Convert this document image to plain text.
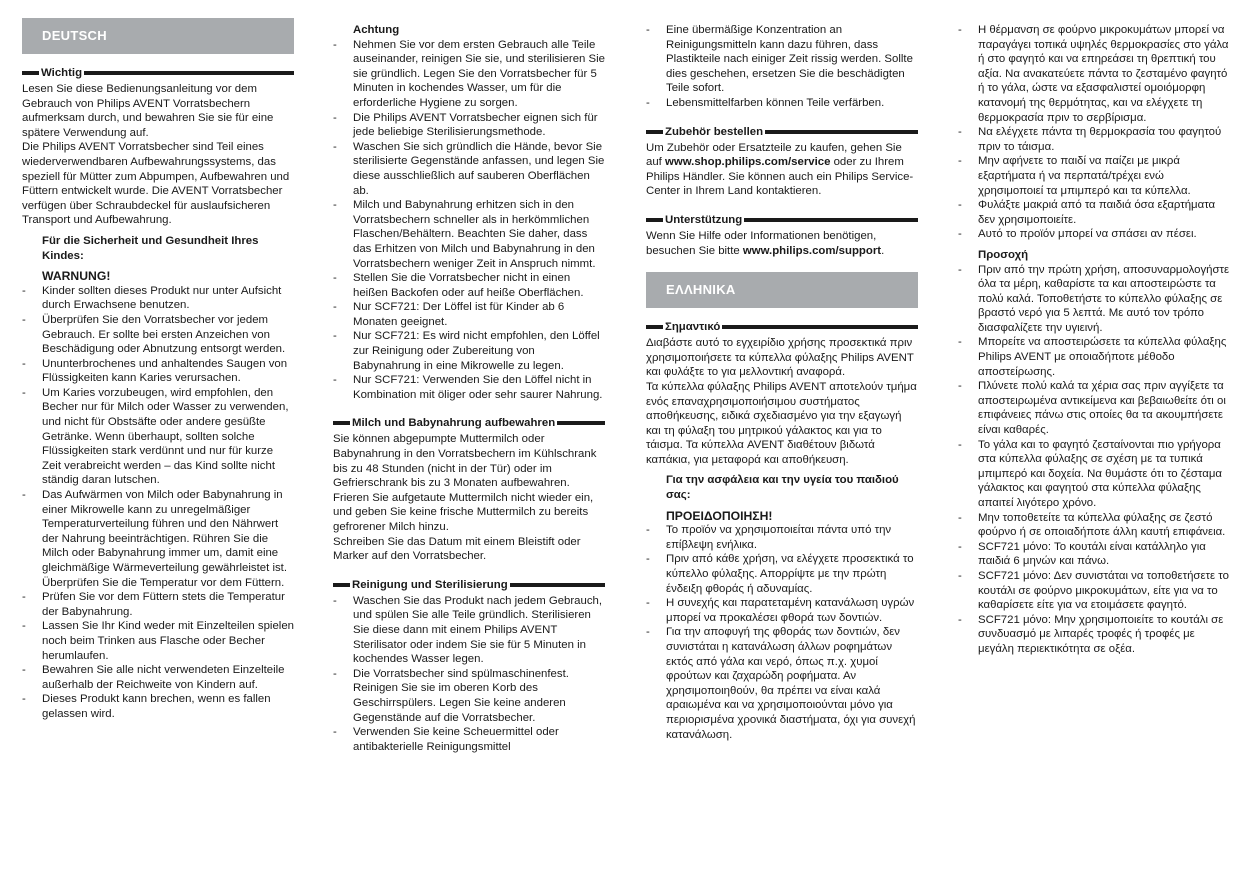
DEUTSCH
Wichtig

Lesen Sie diese Bedienungsanleitung vor dem Gebrauch von Philips AVENT Vorratsbechern aufmerksam durch, und bewahren Sie sie für eine spätere Verwendung auf.

Die Philips AVENT Vorratsbecher sind Teil eines wiederverwendbaren Aufbewahrungssystems, das speziell für Mütter zum Abpumpen, Aufbewahren und Füttern entwickelt wurde. Die AVENT Vorratsbecher verfügen über Schraubdeckel für auslaufsicheren Transport und Aufbewahrung.

Für die Sicherheit und Gesundheit Ihres Kindes:

WARNUNG!

- Kinder sollten dieses Produkt nur unter Aufsicht durch Erwachsene benutzen.
- Überprüfen Sie den Vorratsbecher vor jedem Gebrauch. Er sollte bei ersten Anzeichen von Beschädigung oder Abnutzung entsorgt werden.
- Ununterbrochenes und anhaltendes Saugen von Flüssigkeiten kann Karies verursachen.
- Um Karies vorzubeugen, wird empfohlen, den Becher nur für Milch oder Wasser zu verwenden, und nicht für Obstsäfte oder andere gesüßte Getränke. Wenn überhaupt, sollten solche Flüssigkeiten stark verdünnt und nur für kurze Zeit verabreicht werden – das Kind sollte nicht ständig daran lutschen.
- Das Aufwärmen von Milch oder Babynahrung in einer Mikrowelle kann zu unregelmäßiger Temperaturverteilung führen und den Nährwert der Nahrung beeinträchtigen. Rühren Sie die Milch oder Babynahrung immer um, damit eine gleichmäßige Wärmeverteilung gewährleistet ist. Überprüfen Sie die Temperatur vor dem Füttern.
- Prüfen Sie vor dem Füttern stets die Temperatur der Babynahrung.
- Lassen Sie Ihr Kind weder mit Einzelteilen spielen noch beim Trinken aus Flasche oder Becher herumlaufen.
- Bewahren Sie alle nicht verwendeten Einzelteile außerhalb der Reichweite von Kindern auf.
- Dieses Produkt kann brechen, wenn es fallen gelassen wird.

Achtung

- Nehmen Sie vor dem ersten Gebrauch alle Teile auseinander, reinigen Sie sie, und sterilisieren Sie sie gründlich. Legen Sie den Vorratsbecher für 5 Minuten in kochendes Wasser, um für die erforderliche Hygiene zu sorgen.
- Die Philips AVENT Vorratsbecher eignen sich für jede beliebige Sterilisierungsmethode.
- Waschen Sie sich gründlich die Hände, bevor Sie sterilisierte Gegenstände anfassen, und legen Sie diese ausschließlich auf sauberen Oberflächen ab.
- Milch und Babynahrung erhitzen sich in den Vorratsbechern schneller als in herkömmlichen Flaschen/Behältern. Beachten Sie daher, dass das Erhitzen von Milch und Babynahrung in den Vorratsbechern weniger Zeit in Anspruch nimmt.
- Stellen Sie die Vorratsbecher nicht in einen heißen Backofen oder auf heiße Oberflächen.
- Nur SCF721: Der Löffel ist für Kinder ab 6 Monaten geeignet.
- Nur SCF721: Es wird nicht empfohlen, den Löffel zur Reinigung oder Zubereitung von Babynahrung in eine Mikrowelle zu legen.
- Nur SCF721: Verwenden Sie den Löffel nicht in Kombination mit öliger oder sehr saurer Nahrung.
Milch und Babynahrung aufbewahren

Sie können abgepumpte Muttermilch oder Babynahrung in den Vorratsbechern im Kühlschrank bis zu 48 Stunden (nicht in der Tür) oder im Gefrierschrank bis zu 3 Monaten aufbewahren. Frieren Sie aufgetaute Muttermilch nicht wieder ein, und geben Sie keine frische Muttermilch zu bereits gefrorener Milch hinzu.

Schreiben Sie das Datum mit einem Bleistift oder Marker auf den Vorratsbecher.

Reinigung und Sterilisierung
- Waschen Sie das Produkt nach jedem Gebrauch, und spülen Sie alle Teile gründlich. Sterilisieren Sie diese dann mit einem Philips AVENT Sterilisator oder indem Sie sie für 5 Minuten in kochendes Wasser legen.
- Die Vorratsbecher sind spülmaschinenfest. Reinigen Sie sie im oberen Korb des Geschirrspülers. Legen Sie keine anderen Gegenstände auf die Vorratsbecher.
- Verwenden Sie keine Scheuermittel oder antibakterielle Reinigungsmittel
- Eine übermäßige Konzentration an Reinigungsmitteln kann dazu führen, dass Plastikteile nach einiger Zeit rissig werden. Sollte dies geschehen, ersetzen Sie die beschädigten Teile sofort.
- Lebensmittelfarben können Teile verfärben.
Zubehör bestellen

Um Zubehör oder Ersatzteile zu kaufen, gehen Sie auf www.shop.philips.com/service oder zu Ihrem Philips Händler. Sie können auch ein Philips Service-Center in Ihrem Land kontaktieren.

Unterstützung

Wenn Sie Hilfe oder Informationen benötigen, besuchen Sie bitte www.philips.com/support.

ΕΛΛΗΝΙΚΑ
Σημαντικό

Διαβάστε αυτό το εγχειρίδιο χρήσης προσεκτικά πριν χρησιμοποιήσετε τα κύπελλα φύλαξης Philips AVENT και φυλάξτε το για μελλοντική αναφορά.

Τα κύπελλα φύλαξης Philips AVENT αποτελούν τμήμα ενός επαναχρησιμοποιήσιμου συστήματος αποθήκευσης, ειδικά σχεδιασμένο για την εξαγωγή και τη φύλαξη του μητρικού γάλακτος και για το τάισμα. Τα κύπελλα AVENT διαθέτουν βιδωτά καπάκια, για μεταφορά και αποθήκευση.

Για την ασφάλεια και την υγεία του παιδιού σας:

ΠΡΟΕΙΔΟΠΟΙΗΣΗ!

- Το προϊόν να χρησιμοποιείται πάντα υπό την επίβλεψη ενήλικα.
- Πριν από κάθε χρήση, να ελέγχετε προσεκτικά το κύπελλο φύλαξης. Απορρίψτε με την πρώτη ένδειξη φθοράς ή αδυναμίας.
- Η συνεχής και παρατεταμένη κατανάλωση υγρών μπορεί να προκαλέσει φθορά των δοντιών.
- Για την αποφυγή της φθοράς των δοντιών, δεν συνιστάται η κατανάλωση άλλων ροφημάτων εκτός από γάλα και νερό, όπως π.χ. χυμοί φρούτων και ζαχαρώδη ροφήματα. Αν χρησιμοποιηθούν, θα πρέπει να είναι καλά αραιωμένα και να χρησιμοποιούνται μόνο για περιορισμένα χρονικά διαστήματα, όχι για συνεχή κατανάλωση.
- Η θέρμανση σε φούρνο μικροκυμάτων μπορεί να παραγάγει τοπικά υψηλές θερμοκρασίες στο γάλα ή στο φαγητό και να επηρεάσει τη θρεπτική του αξία. Να ανακατεύετε πάντα το ζεσταμένο φαγητό ή το γάλα, ώστε να εξασφαλιστεί ομοιόμορφη κατανομή της θερμότητας, και να ελέγχετε τη θερμοκρασία πριν το σερβίρισμα.
- Να ελέγχετε πάντα τη θερμοκρασία του φαγητού πριν το τάισμα.
- Μην αφήνετε το παιδί να παίζει με μικρά εξαρτήματα ή να περπατά/τρέχει ενώ χρησιμοποιεί τα μπιμπερό και τα κύπελλα.
- Φυλάξτε μακριά από τα παιδιά όσα εξαρτήματα δεν χρησιμοποιείτε.
- Αυτό το προϊόν μπορεί να σπάσει αν πέσει.

Προσοχή

- Πριν από την πρώτη χρήση, αποσυναρμολογήστε όλα τα μέρη, καθαρίστε τα και αποστειρώστε τα πολύ καλά. Τοποθετήστε το κύπελλο φύλαξης σε βραστό νερό για 5 λεπτά. Με αυτό τον τρόπο διασφαλίζετε την υγιεινή.
- Μπορείτε να αποστειρώσετε τα κύπελλα φύλαξης Philips AVENT με οποιαδήποτε μέθοδο αποστείρωσης.
- Πλύνετε πολύ καλά τα χέρια σας πριν αγγίξετε τα αποστειρωμένα αντικείμενα και βεβαιωθείτε ότι οι επιφάνειες πάνω στις οποίες θα τα ακουμπήσετε είναι καθαρές.
- Το γάλα και το φαγητό ζεσταίνονται πιο γρήγορα στα κύπελλα φύλαξης σε σχέση με τα τυπικά μπιμπερό και δοχεία. Να θυμάστε ότι το ζέσταμα γάλακτος και φαγητού στα κύπελλα φύλαξης απαιτεί λιγότερο χρόνο.
- Μην τοποθετείτε τα κύπελλα φύλαξης σε ζεστό φούρνο ή σε οποιαδήποτε άλλη καυτή επιφάνεια.
- SCF721 μόνο: Το κουτάλι είναι κατάλληλο για παιδιά 6 μηνών και πάνω.
- SCF721 μόνο: Δεν συνιστάται να τοποθετήσετε το κουτάλι σε φούρνο μικροκυμάτων, είτε για να το καθαρίσετε είτε για να ετοιμάσετε φαγητό.
- SCF721 μόνο: Μην χρησιμοποιείτε το κουτάλι σε συνδυασμό με λιπαρές τροφές ή τροφές με μεγάλη περιεκτικότητα σε οξέα.
